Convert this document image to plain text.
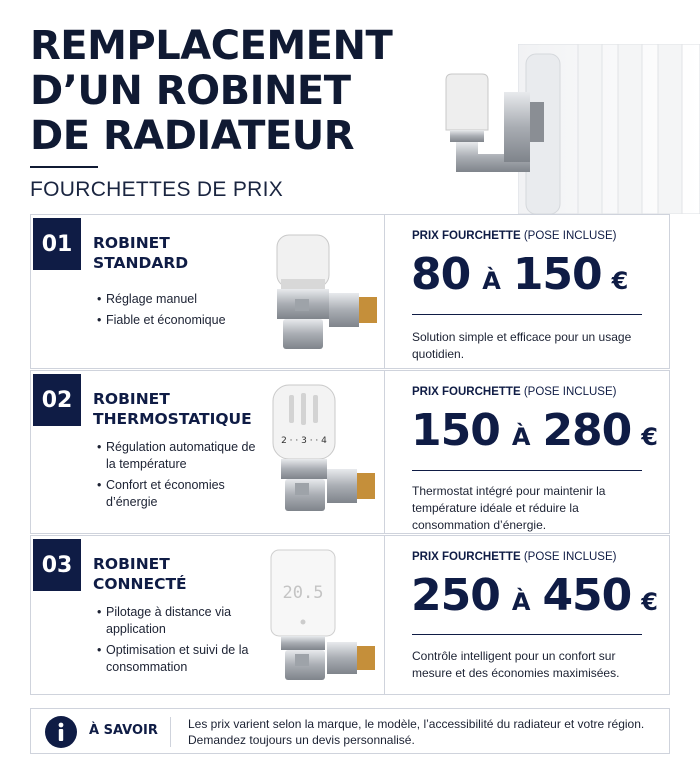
REMPLACEMENT
D’UN ROBINET
DE RADIATEUR
FOURCHETTES DE PRIX
01	ROBINET
STANDARD
• Réglage manuel
• Fiable et économique
PRIX FOURCHETTE (POSE INCLUSE)
80 À 150 €
Solution simple et efficace pour un usage quotidien.
02	ROBINET
THERMOSTATIQUE
• Régulation automatique de la température
• Confort et économies d’énergie
2 · · 3 · · 4
PRIX FOURCHETTE (POSE INCLUSE)
150 À 280 €
Thermostat intégré pour maintenir la température idéale et réduire la consommation d’énergie.
03	ROBINET
CONNECTÉ
• Pilotage à distance via application
• Optimisation et suivi de la consommation
20.5
PRIX FOURCHETTE (POSE INCLUSE)
250 À 450 €
Contrôle intelligent pour un confort sur mesure et des économies maximisées.
À SAVOIR	Les prix varient selon la marque, le modèle, l’accessibilité du radiateur et votre région. Demandez toujours un devis personnalisé.
